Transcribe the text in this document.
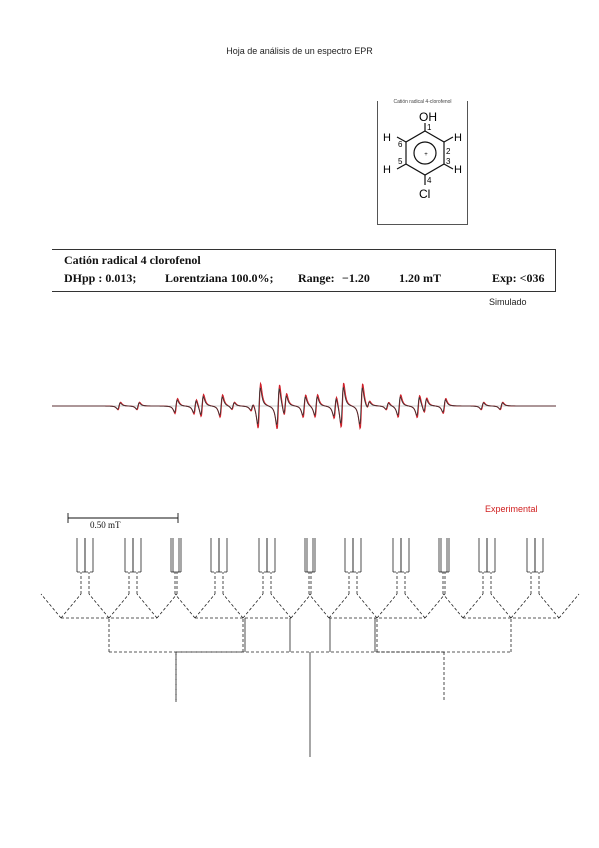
Hoja de análisis de un espectro EPR
Catión radical 4-clorofenol
+
OH
Cl
H
H
H
H
1
2
3
4
5
6
Catión radical 4 clorofenol
DHpp : 0.013; Lorentziana 100.0%; Range: −1.20 1.20 mT	Exp: <036
Simulado
Experimental
0.50 mT
